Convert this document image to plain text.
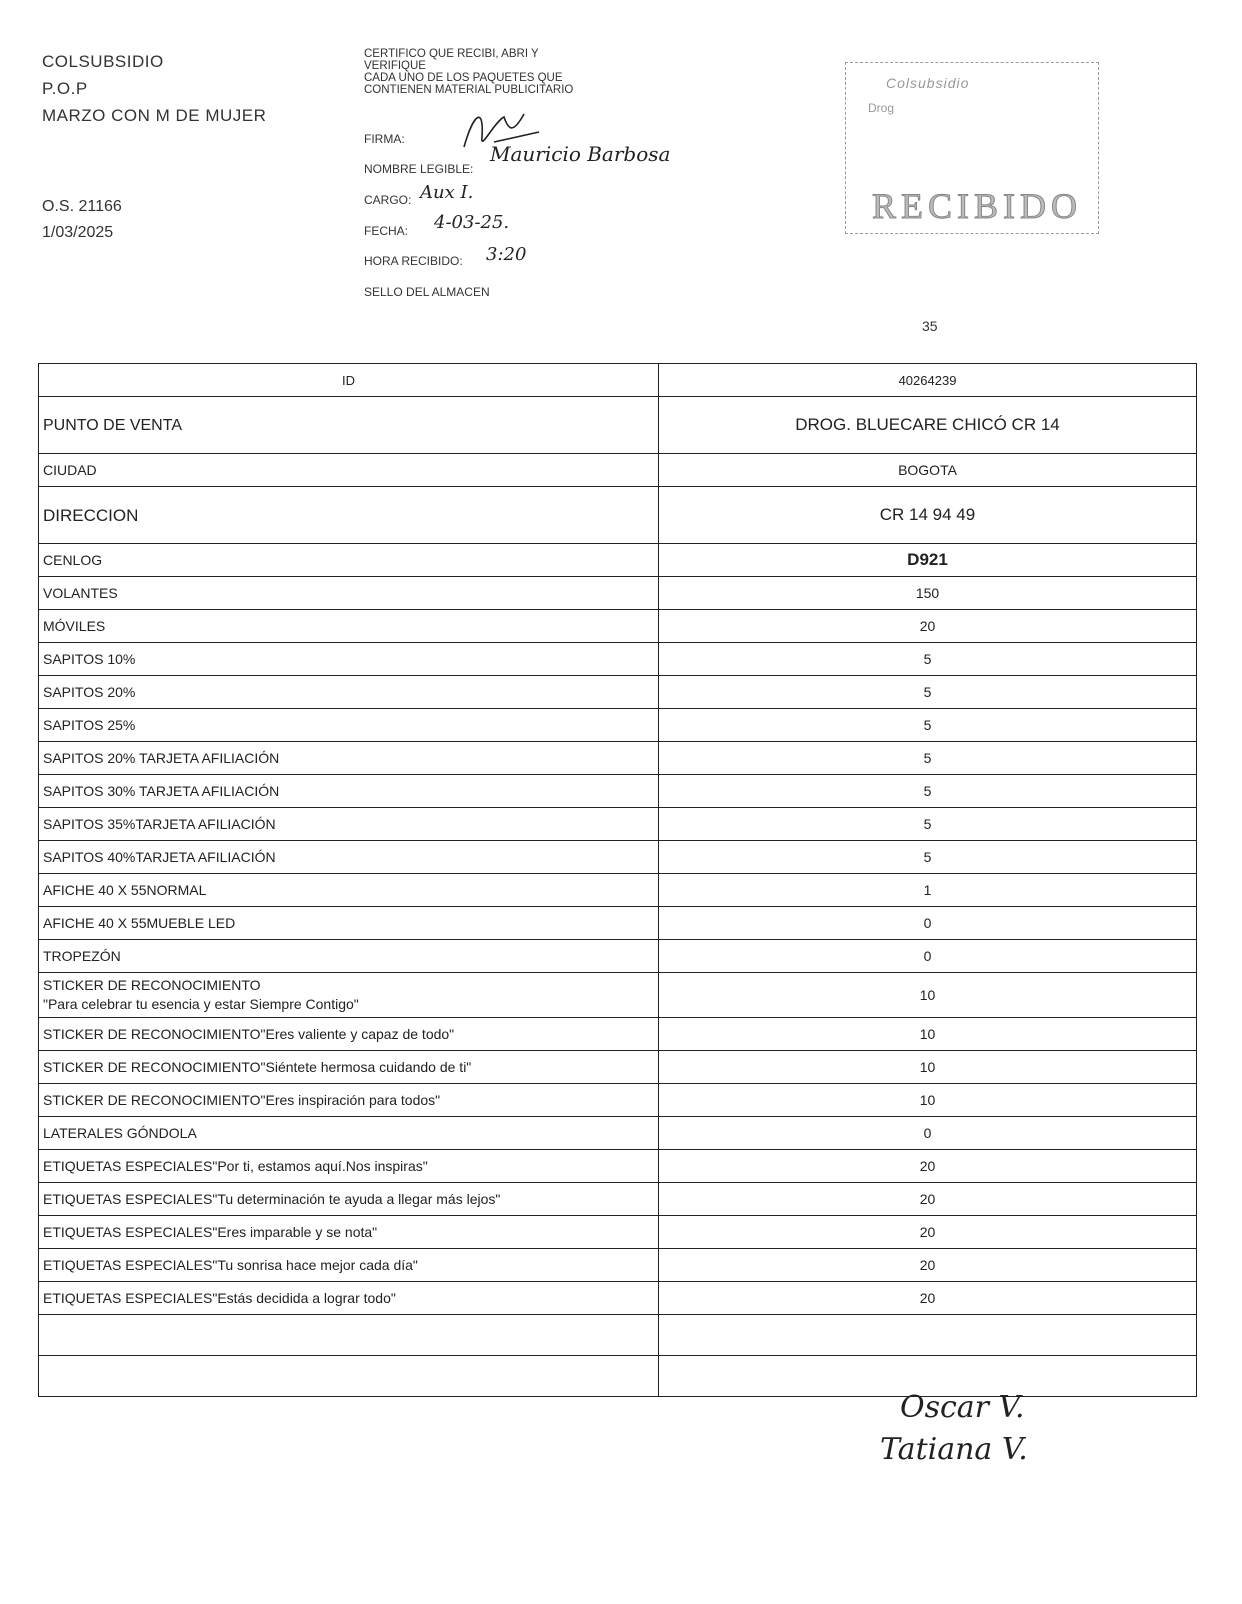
COLSUBSIDIO
P.O.P
MARZO CON M DE MUJER
O.S. 21166
1/03/2025
CERTIFICO QUE RECIBI, ABRI Y
VERIFIQUE
CADA UNO DE LOS PAQUETES QUE
CONTIENEN MATERIAL PUBLICITARIO
FIRMA:
NOMBRE LEGIBLE:
CARGO:
FECHA:
HORA RECIBIDO:
SELLO DEL ALMACEN
Mauricio Barbosa
Aux I.
4-03-25.
3:20
Colsubsidio
Drog
RECIBIDO
35
ID	40264239

PUNTO DE VENTA	DROG. BLUECARE CHICÓ CR 14

CIUDAD	BOGOTA

DIRECCION	CR 14 94 49

CENLOG	D921

VOLANTES	150

MÓVILES	20

SAPITOS 10%	5

SAPITOS 20%	5

SAPITOS 25%	5

SAPITOS 20% TARJETA AFILIACIÓN	5

SAPITOS 30% TARJETA AFILIACIÓN	5

SAPITOS 35%TARJETA AFILIACIÓN	5

SAPITOS 40%TARJETA AFILIACIÓN	5

AFICHE 40 X 55NORMAL	1

AFICHE 40 X 55MUEBLE LED	0

TROPEZÓN	0

STICKER DE RECONOCIMIENTO
"Para celebrar tu esencia y estar Siempre Contigo"	10

STICKER DE RECONOCIMIENTO"Eres valiente y capaz de todo"	10

STICKER DE RECONOCIMIENTO"Siéntete hermosa cuidando de ti"	10

STICKER DE RECONOCIMIENTO"Eres inspiración para todos"	10

LATERALES GÓNDOLA	0

ETIQUETAS ESPECIALES"Por ti, estamos aquí.Nos inspiras"	20

ETIQUETAS ESPECIALES"Tu determinación te ayuda a llegar más lejos"	20

ETIQUETAS ESPECIALES"Eres imparable y se nota"	20

ETIQUETAS ESPECIALES"Tu sonrisa hace mejor cada día"	20

ETIQUETAS ESPECIALES"Estás decidida a lograr todo"	20

Oscar V.
Tatiana V.
